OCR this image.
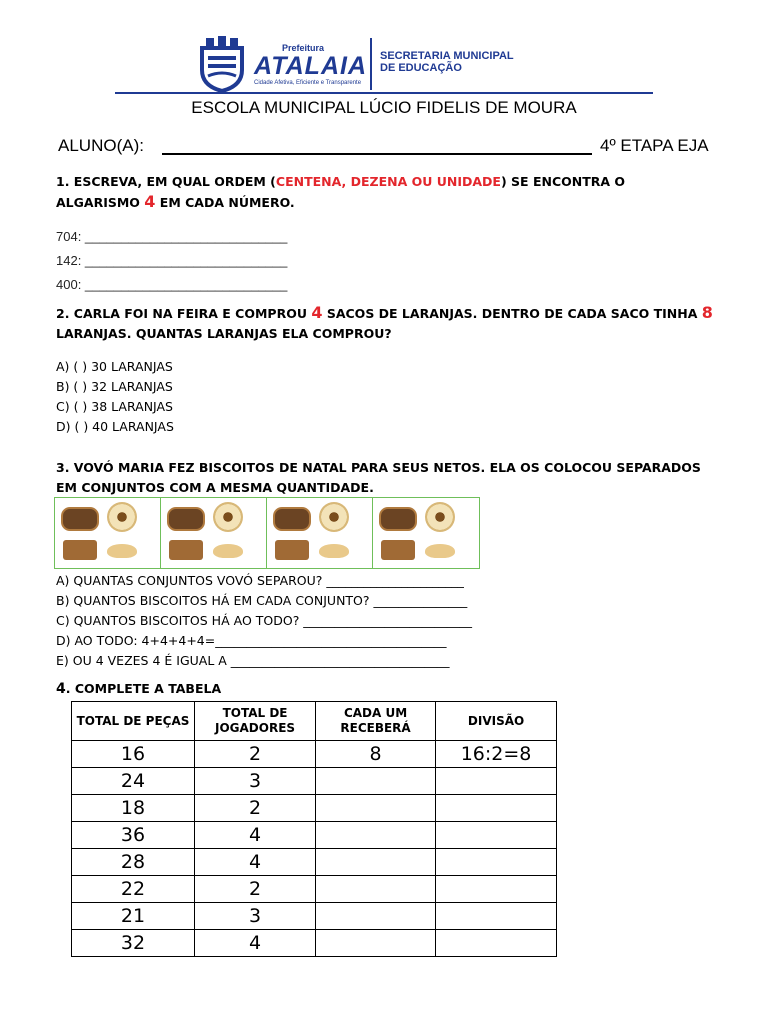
Prefeitura
ATALAIA
Cidade Afetiva, Eficiente e Transparente
SECRETARIA MUNICIPAL
DE EDUCAÇÃO
ESCOLA MUNICIPAL LÚCIO FIDELIS DE MOURA
ALUNO(A):	4º ETAPA EJA
1. ESCREVA, EM QUAL ORDEM (CENTENA, DEZENA OU UNIDADE) SE ENCONTRA O
ALGARISMO 4 EM CADA NÚMERO.
704: ____________________________
142: ____________________________
400: ____________________________
2. CARLA FOI NA FEIRA E COMPROU 4 SACOS DE LARANJAS. DENTRO DE CADA SACO TINHA 8
LARANJAS. QUANTAS LARANJAS ELA COMPROU?
A) ( ) 30 LARANJAS
B) ( ) 32 LARANJAS
C) ( ) 38 LARANJAS
D) ( ) 40 LARANJAS
3. VOVÓ MARIA FEZ BISCOITOS DE NATAL PARA SEUS NETOS. ELA OS COLOCOU SEPARADOS
EM CONJUNTOS COM A MESMA QUANTIDADE.
A) QUANTAS CONJUNTOS VOVÓ SEPAROU? ______________________
B) QUANTOS BISCOITOS HÁ EM CADA CONJUNTO? _______________
C) QUANTOS BISCOITOS HÁ AO TODO? ___________________________
D) AO TODO: 4+4+4+4=_____________________________________
E) OU 4 VEZES 4 É IGUAL A ___________________________________
4. COMPLETE A TABELA
TOTAL DE PEÇAS	TOTAL DE JOGADORES	CADA UM RECEBERÁ	DIVISÃO
16	2	8	16:2=8
24	3		
18	2		
36	4		
28	4		
22	2		
21	3		
32	4		
